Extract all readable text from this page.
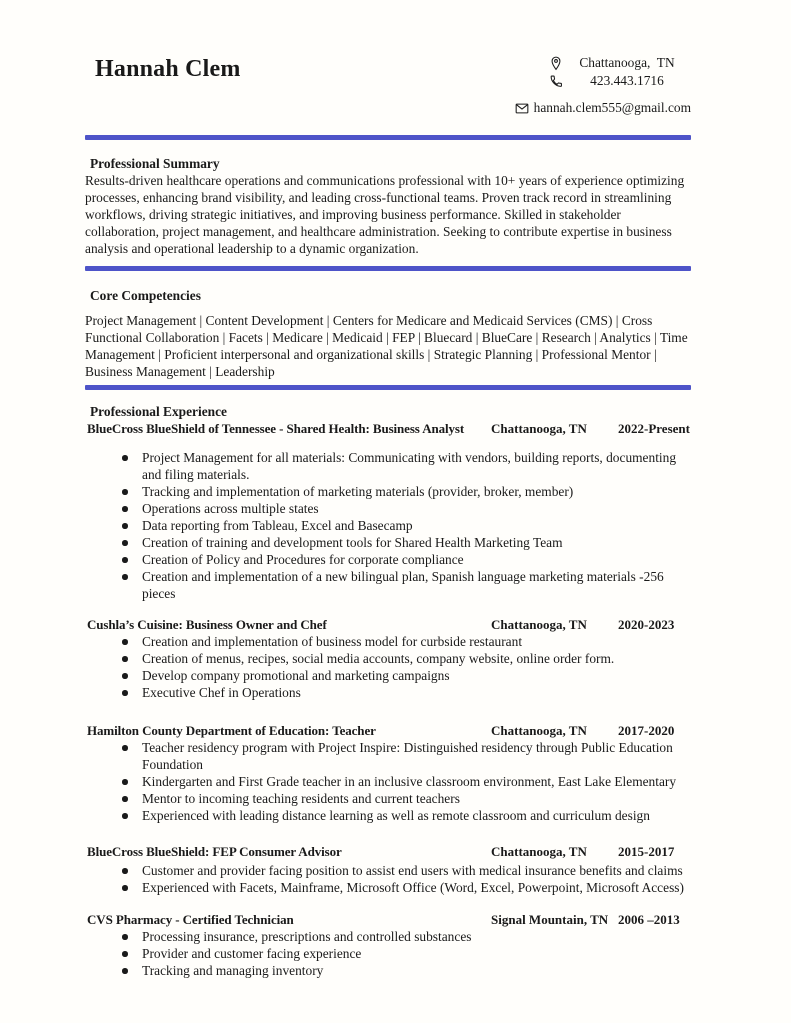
Hannah Clem	Chattanooga,  TN
423.443.1716
hannah.clem555@gmail.com
Professional Summary

Results-driven healthcare operations and communications professional with 10+ years of experience optimizing processes, enhancing brand visibility, and leading cross-functional teams. Proven track record in streamlining workflows, driving strategic initiatives, and improving business performance. Skilled in stakeholder collaboration, project management, and healthcare administration. Seeking to contribute expertise in business analysis and operational leadership to a dynamic organization.

Core Competencies

Project Management | Content Development | Centers for Medicare and Medicaid Services (CMS) | Cross Functional Collaboration | Facets | Medicare | Medicaid | FEP | Bluecard | BlueCare | Research | Analytics | Time Management | Proficient interpersonal and organizational skills | Strategic Planning | Professional Mentor | Business Management | Leadership

Professional Experience
BlueCross BlueShield of Tennessee - Shared Health: Business Analyst	Chattanooga, TN	2022-Present
Project Management for all materials: Communicating with vendors, building reports, documenting and filing materials.
Tracking and implementation of marketing materials (provider, broker, member)
Operations across multiple states
Data reporting from Tableau, Excel and Basecamp
Creation of training and development tools for Shared Health Marketing Team
Creation of Policy and Procedures for corporate compliance
Creation and implementation of a new bilingual plan, Spanish language marketing materials -256 pieces
Cushla’s Cuisine: Business Owner and Chef	Chattanooga, TN	2020-2023
Creation and implementation of business model for curbside restaurant
Creation of menus, recipes, social media accounts, company website, online order form.
Develop company promotional and marketing campaigns
Executive Chef in Operations
Hamilton County Department of Education: Teacher	Chattanooga, TN	2017-2020
Teacher residency program with Project Inspire: Distinguished residency through Public Education Foundation
Kindergarten and First Grade teacher in an inclusive classroom environment, East Lake Elementary
Mentor to incoming teaching residents and current teachers
Experienced with leading distance learning as well as remote classroom and curriculum design
BlueCross BlueShield: FEP Consumer Advisor	Chattanooga, TN	2015-2017
Customer and provider facing position to assist end users with medical insurance benefits and claims
Experienced with Facets, Mainframe, Microsoft Office (Word, Excel, Powerpoint, Microsoft Access)
CVS Pharmacy - Certified Technician	Signal Mountain, TN 2006 –2013
Processing insurance, prescriptions and controlled substances
Provider and customer facing experience
Tracking and managing inventory
